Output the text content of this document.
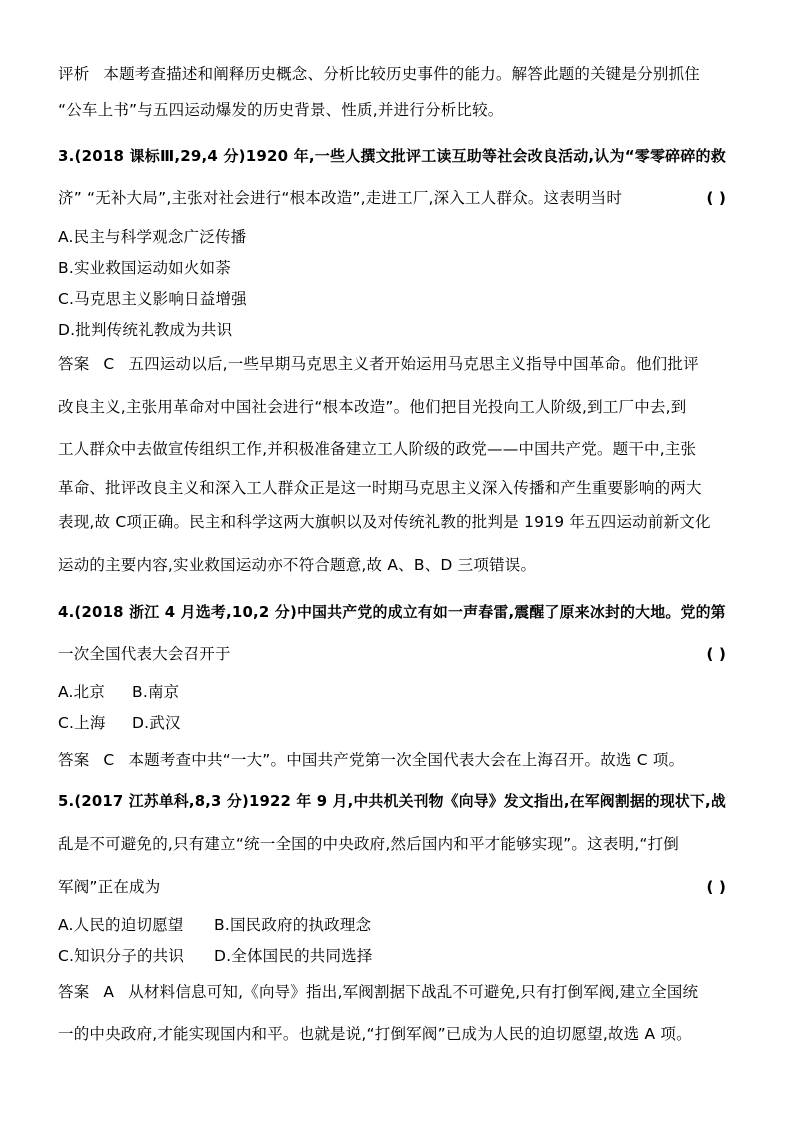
评析 本题考查描述和阐释历史概念、分析比较历史事件的能力。解答此题的关键是分别抓住
“公车上书”与五四运动爆发的历史背景、性质,并进行分析比较。
3.(2018 课标Ⅲ,29,4 分)1920 年,一些人撰文批评工读互助等社会改良活动,认为“零零碎碎的救
济” “无补大局”,主张对社会进行“根本改造”,走进工厂,深入工人群众。这表明当时	( )
A.民主与科学观念广泛传播
B.实业救国运动如火如荼
C.马克思主义影响日益增强
D.批判传统礼教成为共识
答案 C 五四运动以后,一些早期马克思主义者开始运用马克思主义指导中国革命。他们批评
改良主义,主张用革命对中国社会进行“根本改造”。他们把目光投向工人阶级,到工厂中去,到
工人群众中去做宣传组织工作,并积极准备建立工人阶级的政党——中国共产党。题干中,主张
革命、批评改良主义和深入工人群众正是这一时期马克思主义深入传播和产生重要影响的两大
表现,故 C项正确。民主和科学这两大旗帜以及对传统礼教的批判是 1919 年五四运动前新文化
运动的主要内容,实业救国运动亦不符合题意,故 A、B、D 三项错误。
4.(2018 浙江 4 月选考,10,2 分)中国共产党的成立有如一声春雷,震醒了原来冰封的大地。党的第
一次全国代表大会召开于	( )
A.北京 B.南京
C.上海 D.武汉
答案 C 本题考查中共“一大”。中国共产党第一次全国代表大会在上海召开。故选 C 项。
5.(2017 江苏单科,8,3 分)1922 年 9 月,中共机关刊物《向导》发文指出,在军阀割据的现状下,战
乱是不可避免的,只有建立“统一全国的中央政府,然后国内和平才能够实现”。这表明,“打倒
军阀”正在成为	( )
A.人民的迫切愿望 B.国民政府的执政理念
C.知识分子的共识 D.全体国民的共同选择
答案 A 从材料信息可知,《向导》指出,军阀割据下战乱不可避免,只有打倒军阀,建立全国统
一的中央政府,才能实现国内和平。也就是说,“打倒军阀”已成为人民的迫切愿望,故选 A 项。
